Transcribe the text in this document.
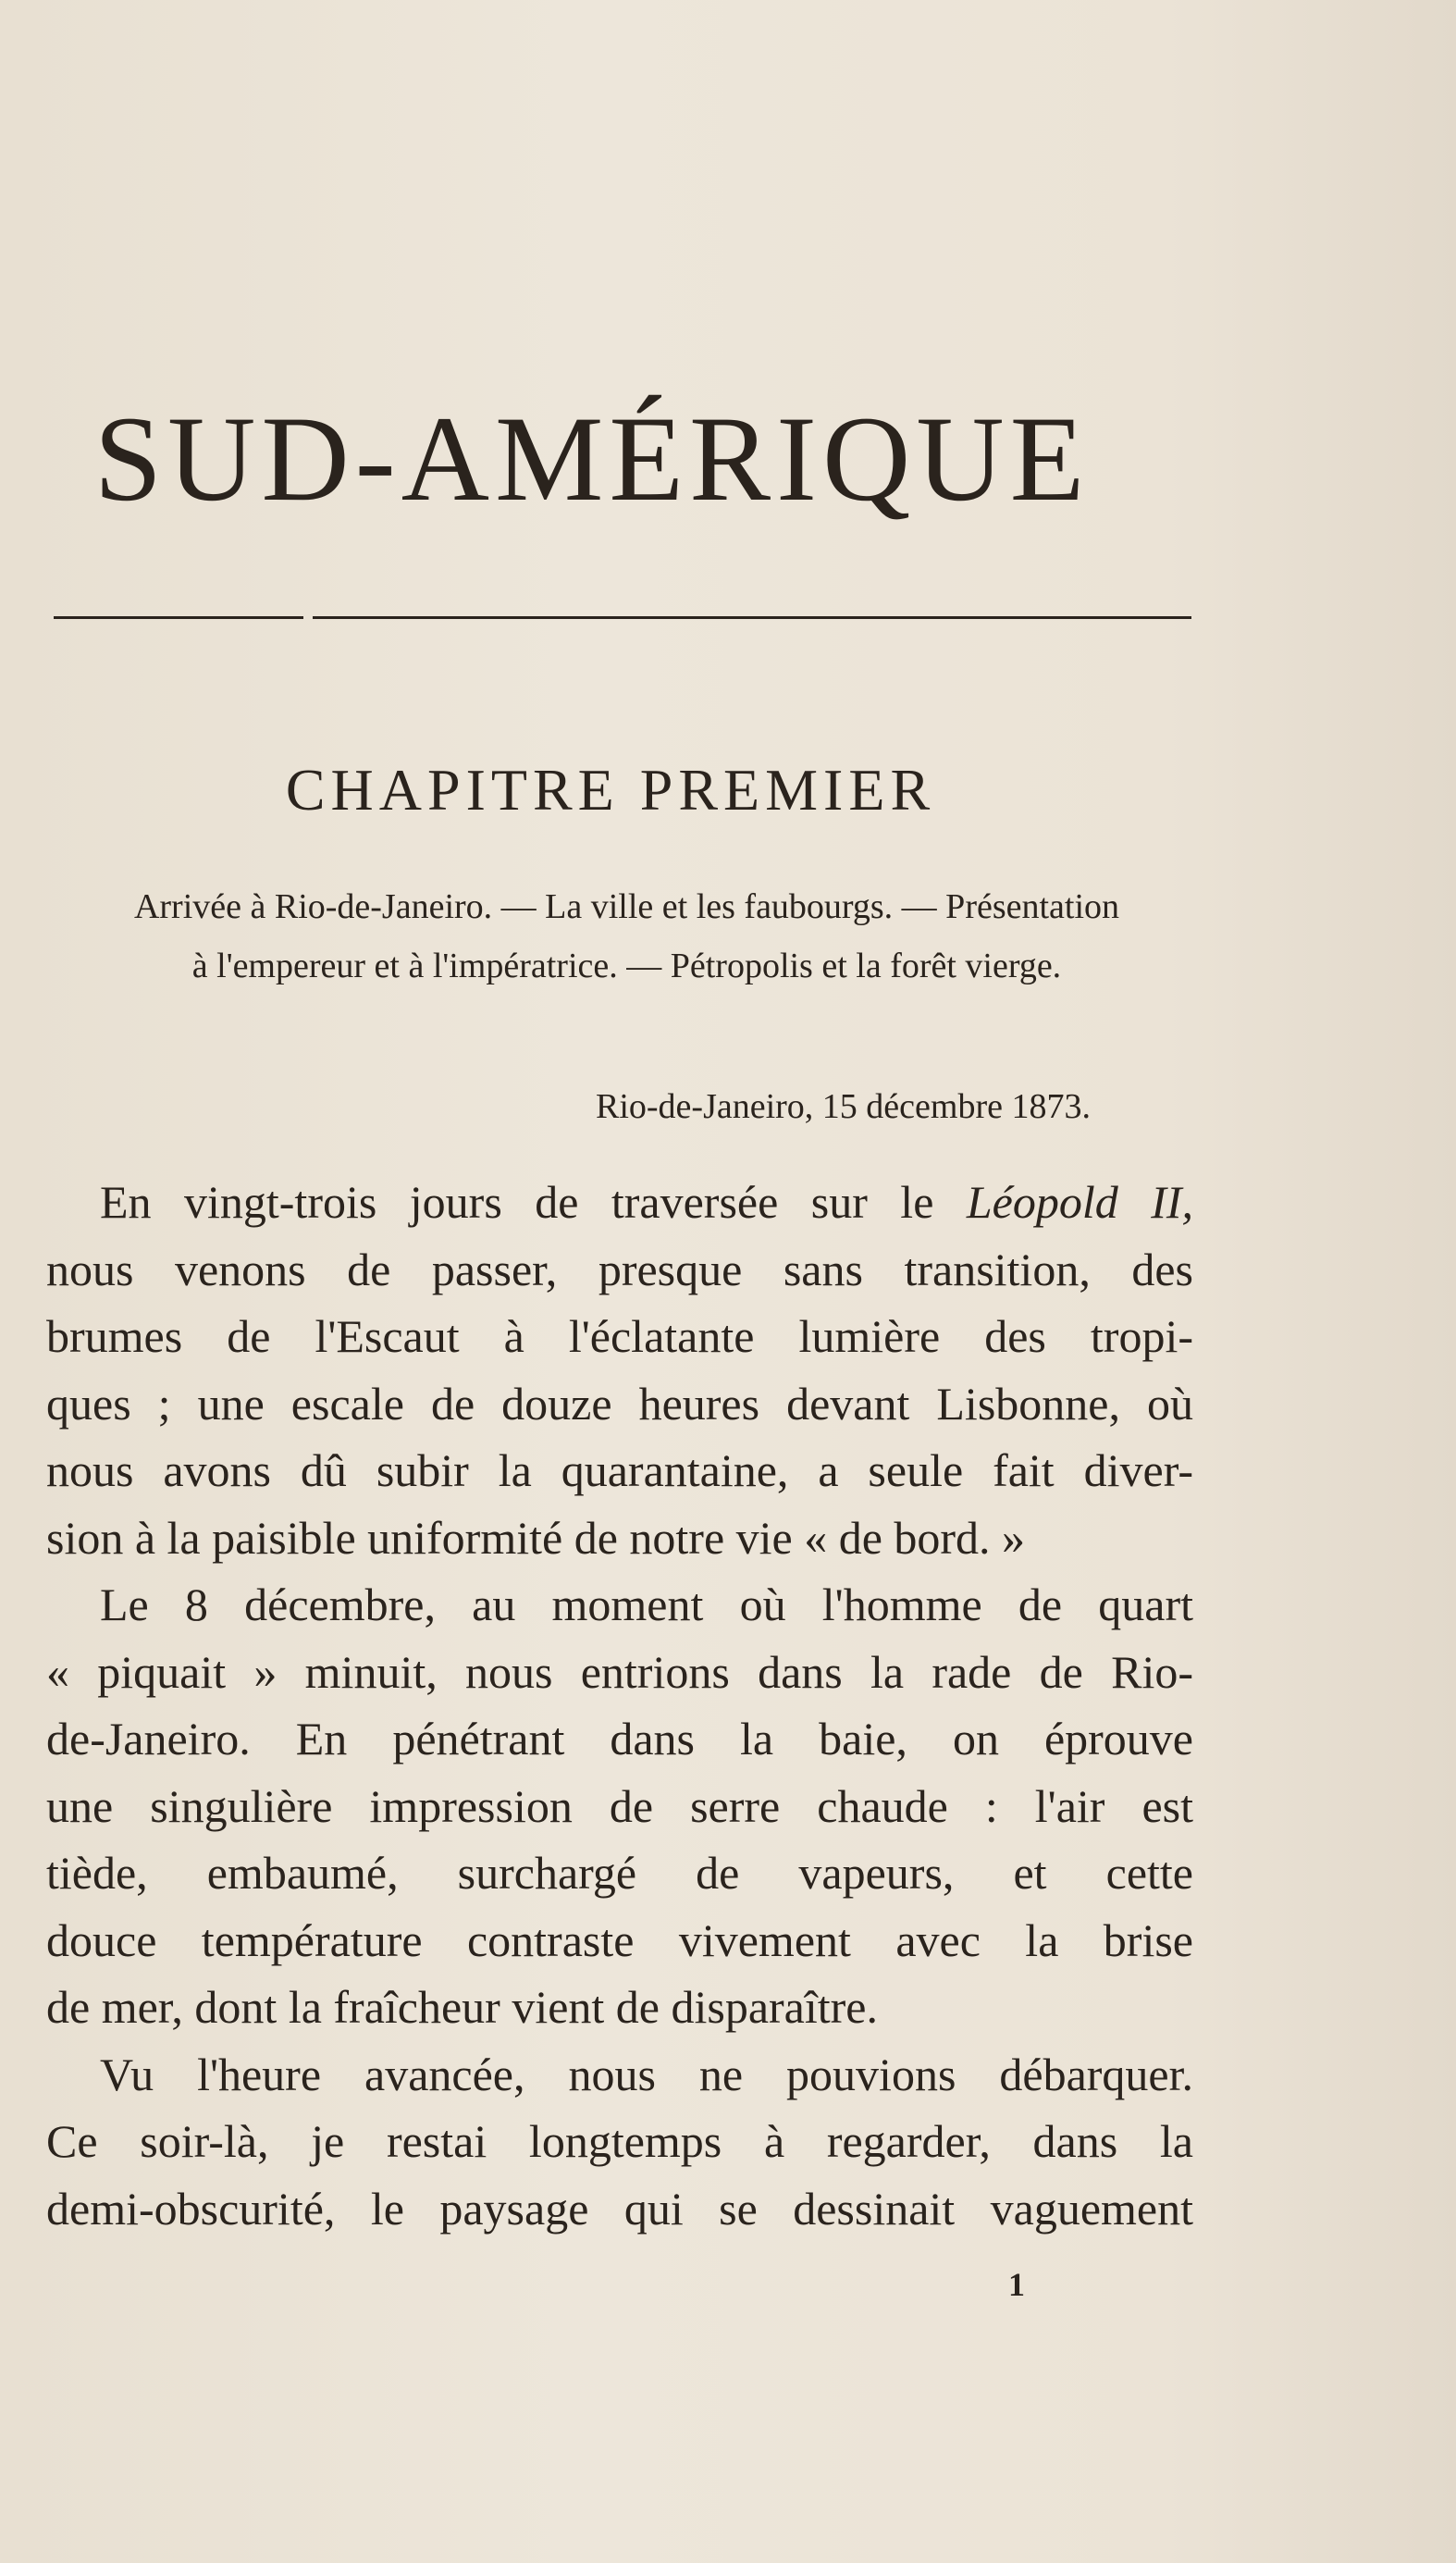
SUD-AMÉRIQUE
CHAPITRE PREMIER
Arrivée à Rio-de-Janeiro. — La ville et les faubourgs. — Présentation
à l'empereur et à l'impératrice. — Pétropolis et la forêt vierge.
Rio-de-Janeiro, 15 décembre 1873.
En vingt-trois jours de traversée sur le Léopold II,
nous venons de passer, presque sans transition, des
brumes de l'Escaut à l'éclatante lumière des tropi-
ques ; une escale de douze heures devant Lisbonne, où
nous avons dû subir la quarantaine, a seule fait diver-
sion à la paisible uniformité de notre vie « de bord. »
Le 8 décembre, au moment où l'homme de quart
« piquait » minuit, nous entrions dans la rade de Rio-
de-Janeiro. En pénétrant dans la baie, on éprouve
une singulière impression de serre chaude : l'air est
tiède, embaumé, surchargé de vapeurs, et cette
douce température contraste vivement avec la brise
de mer, dont la fraîcheur vient de disparaître.
Vu l'heure avancée, nous ne pouvions débarquer.
Ce soir-là, je restai longtemps à regarder, dans la
demi-obscurité, le paysage qui se dessinait vaguement
1
